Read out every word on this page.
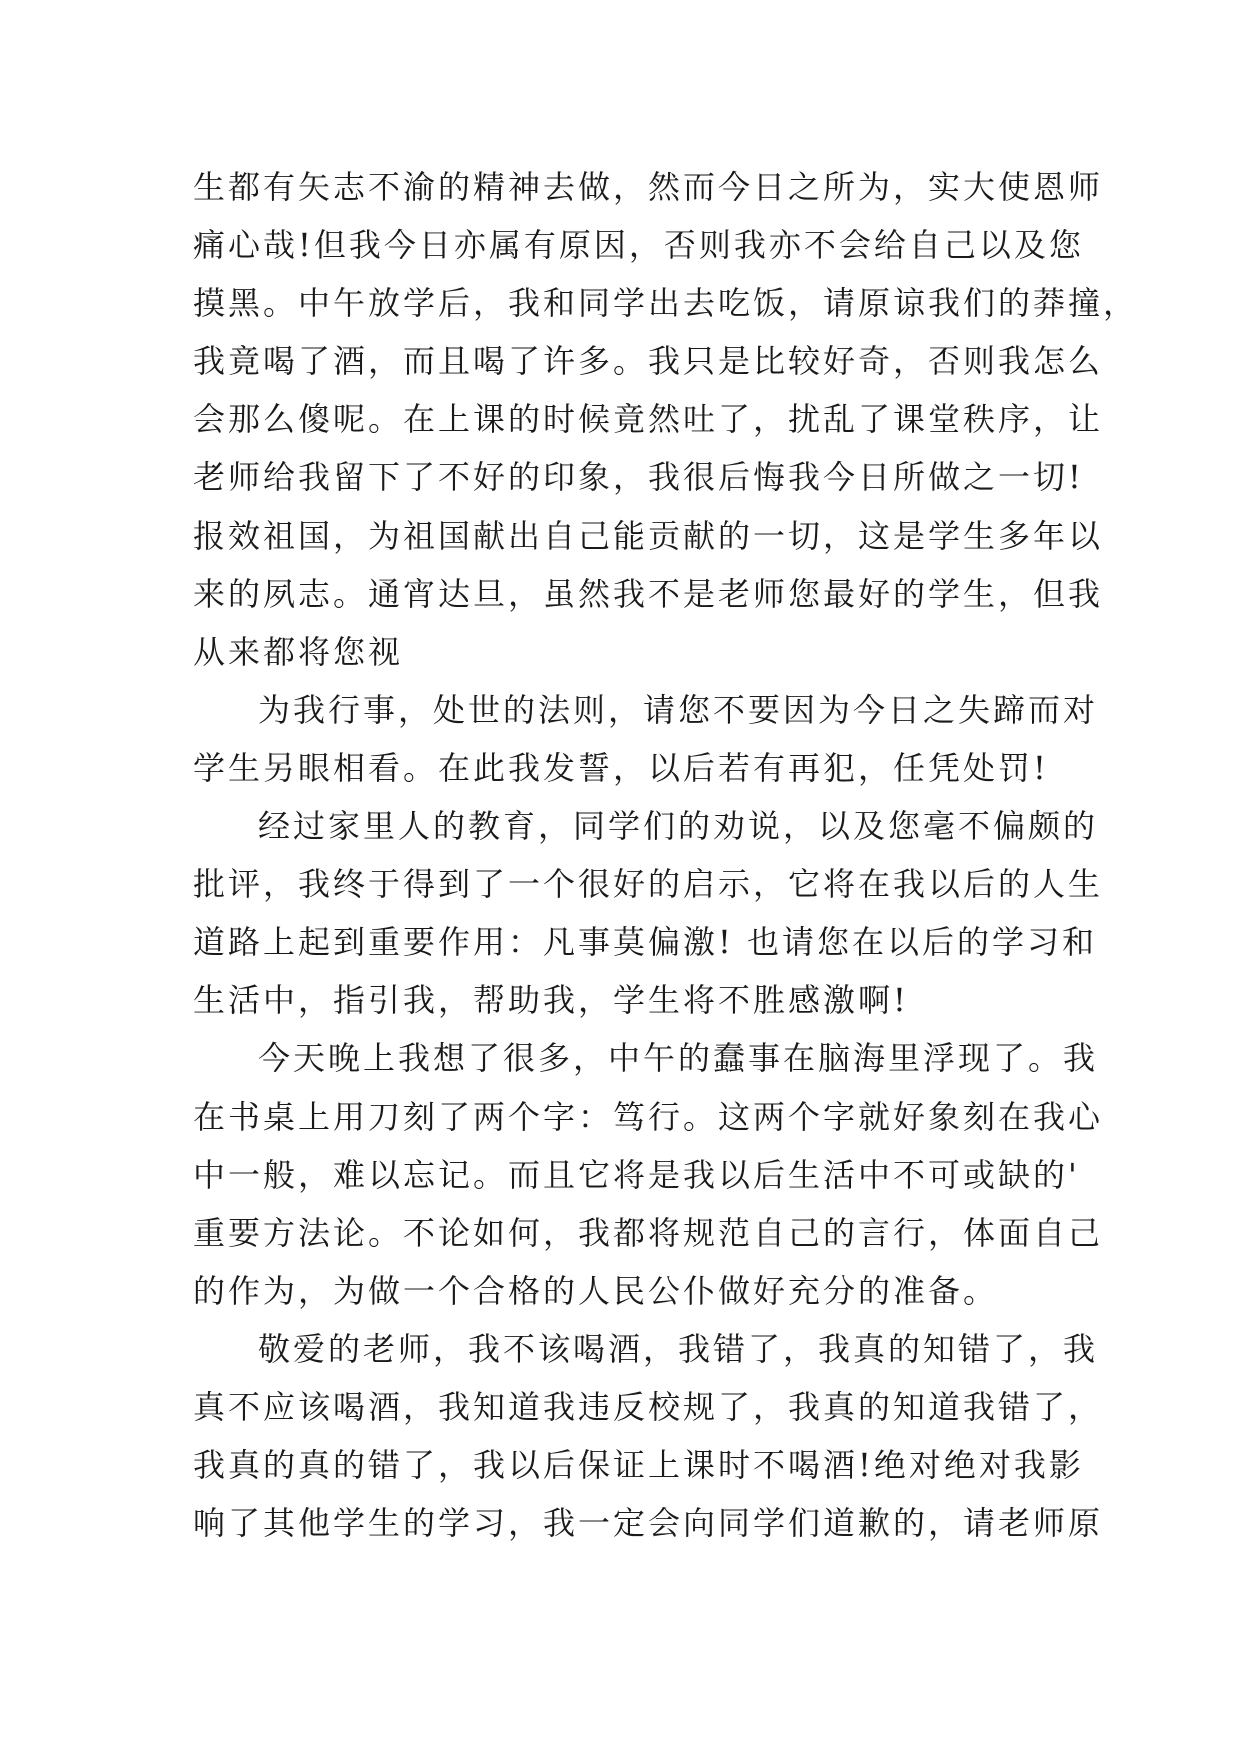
生都有矢志不渝的精神去做，然而今日之所为，实大使恩师
痛心哉!但我今日亦属有原因，否则我亦不会给自己以及您
摸黑。中午放学后，我和同学出去吃饭，请原谅我们的莽撞，
我竟喝了酒，而且喝了许多。我只是比较好奇，否则我怎么
会那么傻呢。在上课的时候竟然吐了，扰乱了课堂秩序，让
老师给我留下了不好的印象，我很后悔我今日所做之一切!
报效祖国，为祖国献出自己能贡献的一切，这是学生多年以
来的夙志。通宵达旦，虽然我不是老师您最好的学生，但我
从来都将您视

为我行事，处世的法则，请您不要因为今日之失蹄而对
学生另眼相看。在此我发誓，以后若有再犯，任凭处罚!

经过家里人的教育，同学们的劝说，以及您毫不偏颇的
批评，我终于得到了一个很好的启示，它将在我以后的人生
道路上起到重要作用：凡事莫偏激! 也请您在以后的学习和
生活中，指引我，帮助我，学生将不胜感激啊!

今天晚上我想了很多，中午的蠢事在脑海里浮现了。我
在书桌上用刀刻了两个字：笃行。这两个字就好象刻在我心
中一般，难以忘记。而且它将是我以后生活中不可或缺的'
重要方法论。不论如何，我都将规范自己的言行，体面自己
的作为，为做一个合格的人民公仆做好充分的准备。

敬爱的老师，我不该喝酒，我错了，我真的知错了，我
真不应该喝酒，我知道我违反校规了，我真的知道我错了，
我真的真的错了，我以后保证上课时不喝酒!绝对绝对我影
响了其他学生的学习，我一定会向同学们道歉的，请老师原
